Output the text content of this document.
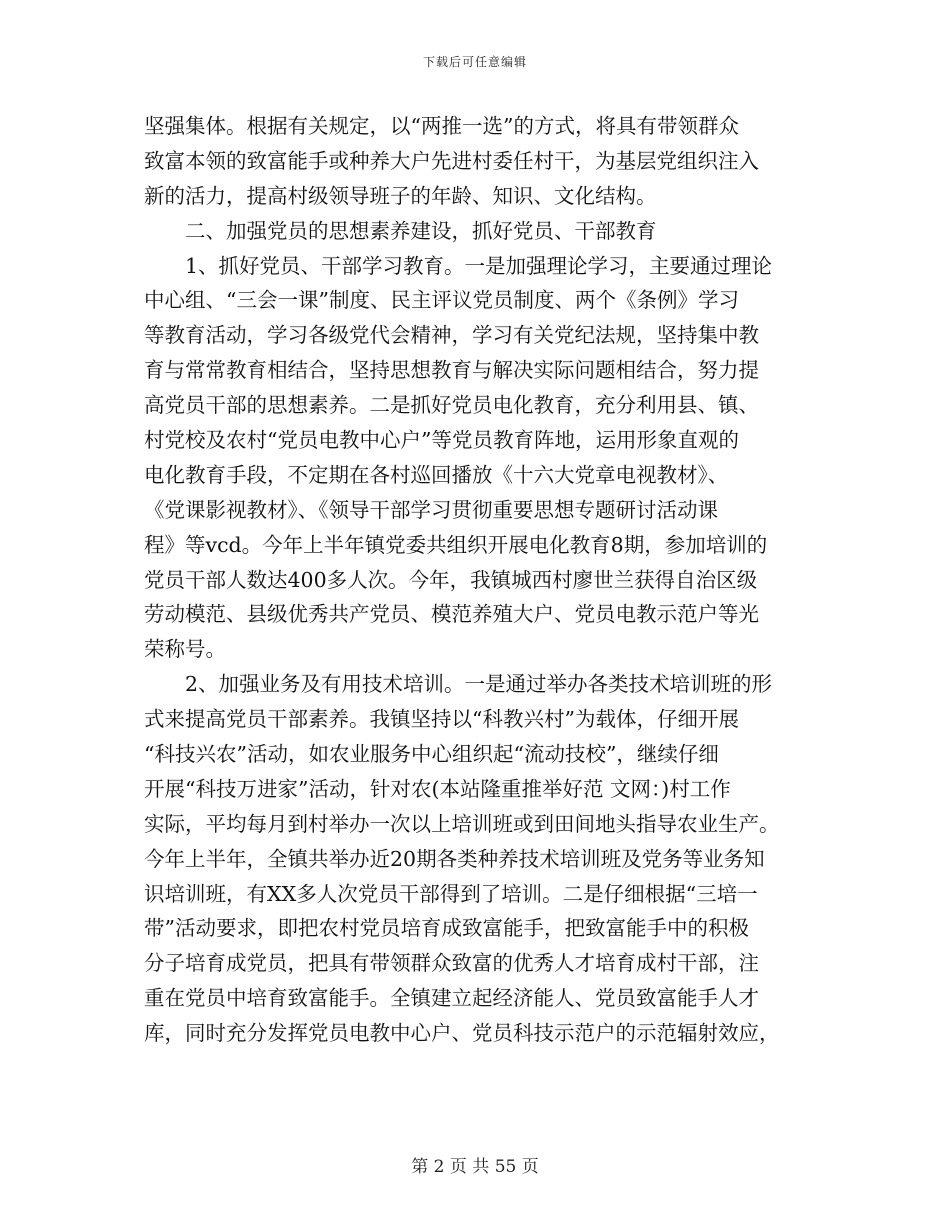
下载后可任意编辑
坚强集体。根据有关规定，以“两推一选”的方式，将具有带领群众
致富本领的致富能手或种养大户先进村委任村干，为基层党组织注入
新的活力，提高村级领导班子的年龄、知识、文化结构。
二、加强党员的思想素养建设，抓好党员、干部教育
1、抓好党员、干部学习教育。一是加强理论学习，主要通过理论
中心组、“三会一课”制度、民主评议党员制度、两个《条例》学习
等教育活动，学习各级党代会精神，学习有关党纪法规，坚持集中教
育与常常教育相结合，坚持思想教育与解决实际问题相结合，努力提
高党员干部的思想素养。二是抓好党员电化教育，充分利用县、镇、
村党校及农村“党员电教中心户”等党员教育阵地，运用形象直观的
电化教育手段，不定期在各村巡回播放《十六大党章电视教材》、
《党课影视教材》、《领导干部学习贯彻重要思想专题研讨活动课
程》等vcd。今年上半年镇党委共组织开展电化教育8期，参加培训的
党员干部人数达400多人次。今年，我镇城西村廖世兰获得自治区级
劳动模范、县级优秀共产党员、模范养殖大户、党员电教示范户等光
荣称号。
2、加强业务及有用技术培训。一是通过举办各类技术培训班的形
式来提高党员干部素养。我镇坚持以“科教兴村”为载体，仔细开展
“科技兴农”活动，如农业服务中心组织起“流动技校”，继续仔细
开展“科技万进家”活动，针对农(本站隆重推举好范 文网：)村工作
实际，平均每月到村举办一次以上培训班或到田间地头指导农业生产。
今年上半年，全镇共举办近20期各类种养技术培训班及党务等业务知
识培训班，有XX多人次党员干部得到了培训。二是仔细根据“三培一
带”活动要求，即把农村党员培育成致富能手，把致富能手中的积极
分子培育成党员，把具有带领群众致富的优秀人才培育成村干部，注
重在党员中培育致富能手。全镇建立起经济能人、党员致富能手人才
库，同时充分发挥党员电教中心户、党员科技示范户的示范辐射效应，
第 2 页 共 55 页
